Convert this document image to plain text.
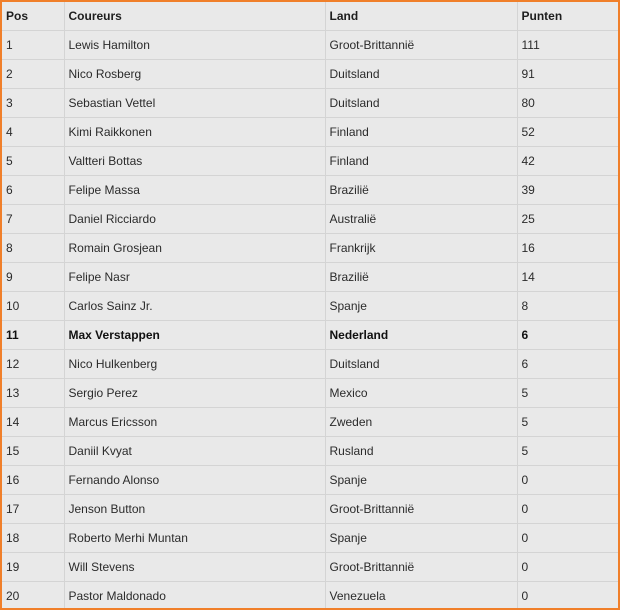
Pos	Coureurs	Land	Punten
1	Lewis Hamilton	Groot-Brittannië	111
2	Nico Rosberg	Duitsland	91
3	Sebastian Vettel	Duitsland	80
4	Kimi Raikkonen	Finland	52
5	Valtteri Bottas	Finland	42
6	Felipe Massa	Brazilië	39
7	Daniel Ricciardo	Australië	25
8	Romain Grosjean	Frankrijk	16
9	Felipe Nasr	Brazilië	14
10	Carlos Sainz Jr.	Spanje	8
11	Max Verstappen	Nederland	6
12	Nico Hulkenberg	Duitsland	6
13	Sergio Perez	Mexico	5
14	Marcus Ericsson	Zweden	5
15	Daniil Kvyat	Rusland	5
16	Fernando Alonso	Spanje	0
17	Jenson Button	Groot-Brittannië	0
18	Roberto Merhi Muntan	Spanje	0
19	Will Stevens	Groot-Brittannië	0
20	Pastor Maldonado	Venezuela	0
